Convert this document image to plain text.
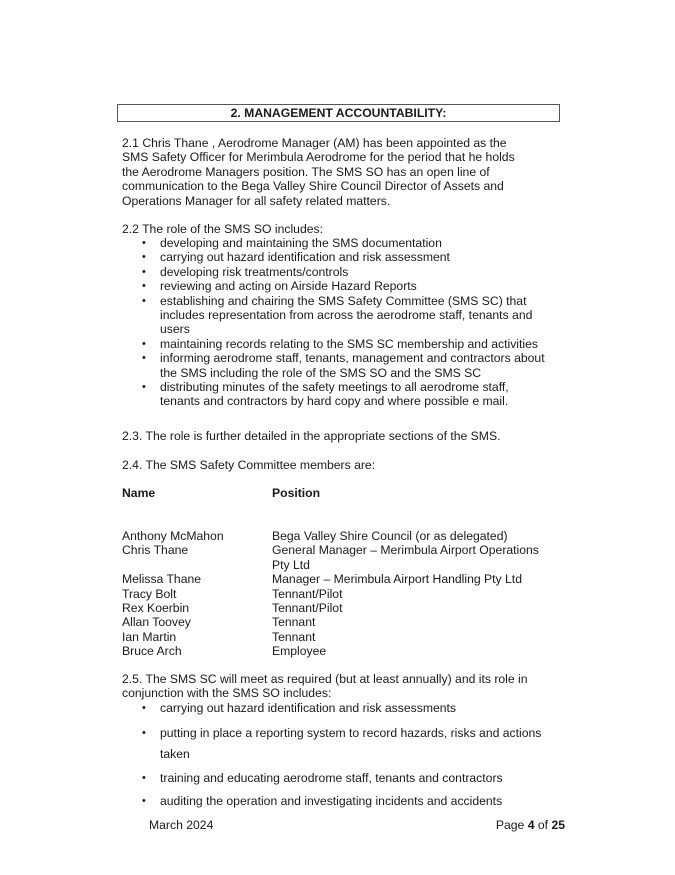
2. MANAGEMENT ACCOUNTABILITY:
2.1 Chris Thane , Aerodrome Manager (AM) has been appointed as the
SMS Safety Officer for Merimbula Aerodrome for the period that he holds
the Aerodrome Managers position. The SMS SO has an open line of
communication to the Bega Valley Shire Council Director of Assets and
Operations Manager for all safety related matters.
2.2 The role of the SMS SO includes:
• developing and maintaining the SMS documentation
• carrying out hazard identification and risk assessment
• developing risk treatments/controls
• reviewing and acting on Airside Hazard Reports
• establishing and chairing the SMS Safety Committee (SMS SC) that
includes representation from across the aerodrome staff, tenants and
users
• maintaining records relating to the SMS SC membership and activities
• informing aerodrome staff, tenants, management and contractors about
the SMS including the role of the SMS SO and the SMS SC
• distributing minutes of the safety meetings to all aerodrome staff,
tenants and contractors by hard copy and where possible e mail.
2.3. The role is further detailed in the appropriate sections of the SMS.
2.4. The SMS Safety Committee members are:
Name	Position
Anthony McMahon	Bega Valley Shire Council (or as delegated)
Chris Thane	General Manager – Merimbula Airport Operations
Pty Ltd
Melissa Thane	Manager – Merimbula Airport Handling Pty Ltd
Tracy Bolt	Tennant/Pilot
Rex Koerbin	Tennant/Pilot
Allan Toovey	Tennant
Ian Martin	Tennant
Bruce Arch	Employee
2.5. The SMS SC will meet as required (but at least annually) and its role in
conjunction with the SMS SO includes:
• carrying out hazard identification and risk assessments
• putting in place a reporting system to record hazards, risks and actions
taken
• training and educating aerodrome staff, tenants and contractors
• auditing the operation and investigating incidents and accidents
March 2024	Page 4 of 25
